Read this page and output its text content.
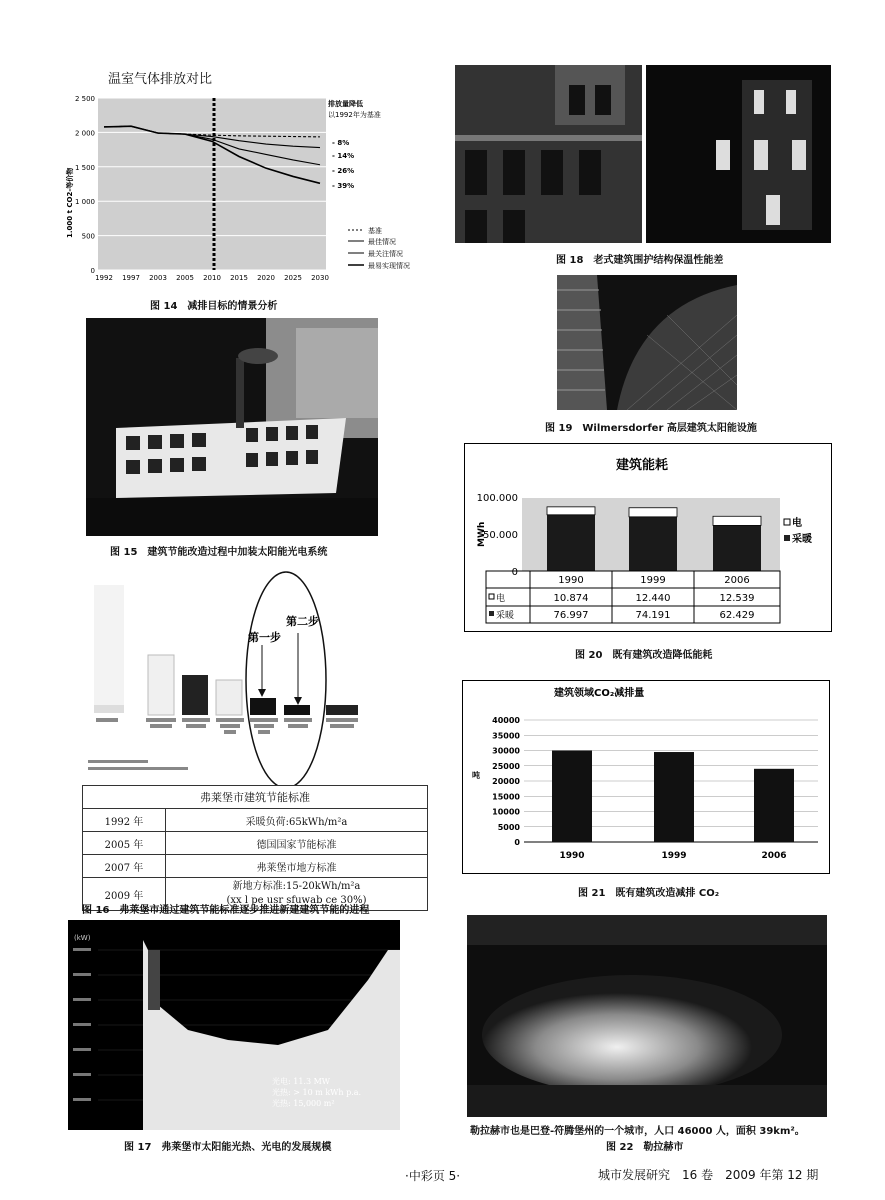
温室气体排放对比
2 500
2 000
1 500
1 000
500
0
1992 1997 2003 2005 2010 2015 2020 2025 2030
1.000 t CO2-等价物
排放量降低
以1992年为基准
- 8%
- 14%
- 26%
- 39%
基准
最佳情况
最关注情况
最易实现情况
图 14　减排目标的情景分析
图 15　建筑节能改造过程中加装太阳能光电系统
第一步
第二步
弗莱堡市建筑节能标准	
1992 年	采暖负荷:65kWh/m²a
2005 年	德国国家节能标准
2007 年	弗莱堡市地方标准
2009 年	新地方标准:15-20kWh/m²a
(xx l pe usr sfuwab ce 30%)
图 16　弗莱堡市通过建筑节能标准逐步推进新建建筑节能的进程
(kW)
光电: 11.3 MW
光热: > 10 m kWh p.a.
光热: 15,000 m²
图 17　弗莱堡市太阳能光热、光电的发展规模
图 18　老式建筑围护结构保温性能差
图 19　Wilmersdorfer 高层建筑太阳能设施
建筑能耗
100.000
50.000
0
MWh	电
采暖
1990	1999	2006
电
采暖
10.874	12.440	12.539
76.997	74.191	62.429
图 20　既有建筑改造降低能耗
建筑领域CO₂减排量
40000
35000
30000
25000
20000
15000
10000
5000
0
吨
1990	1999	2006
图 21　既有建筑改造减排 CO₂
勒拉赫市也是巴登-符腾堡州的一个城市，人口 46000 人，面积 39km²。
图 22　勒拉赫市
·中彩页 5·	城市发展研究　16 卷　2009 年第 12 期
